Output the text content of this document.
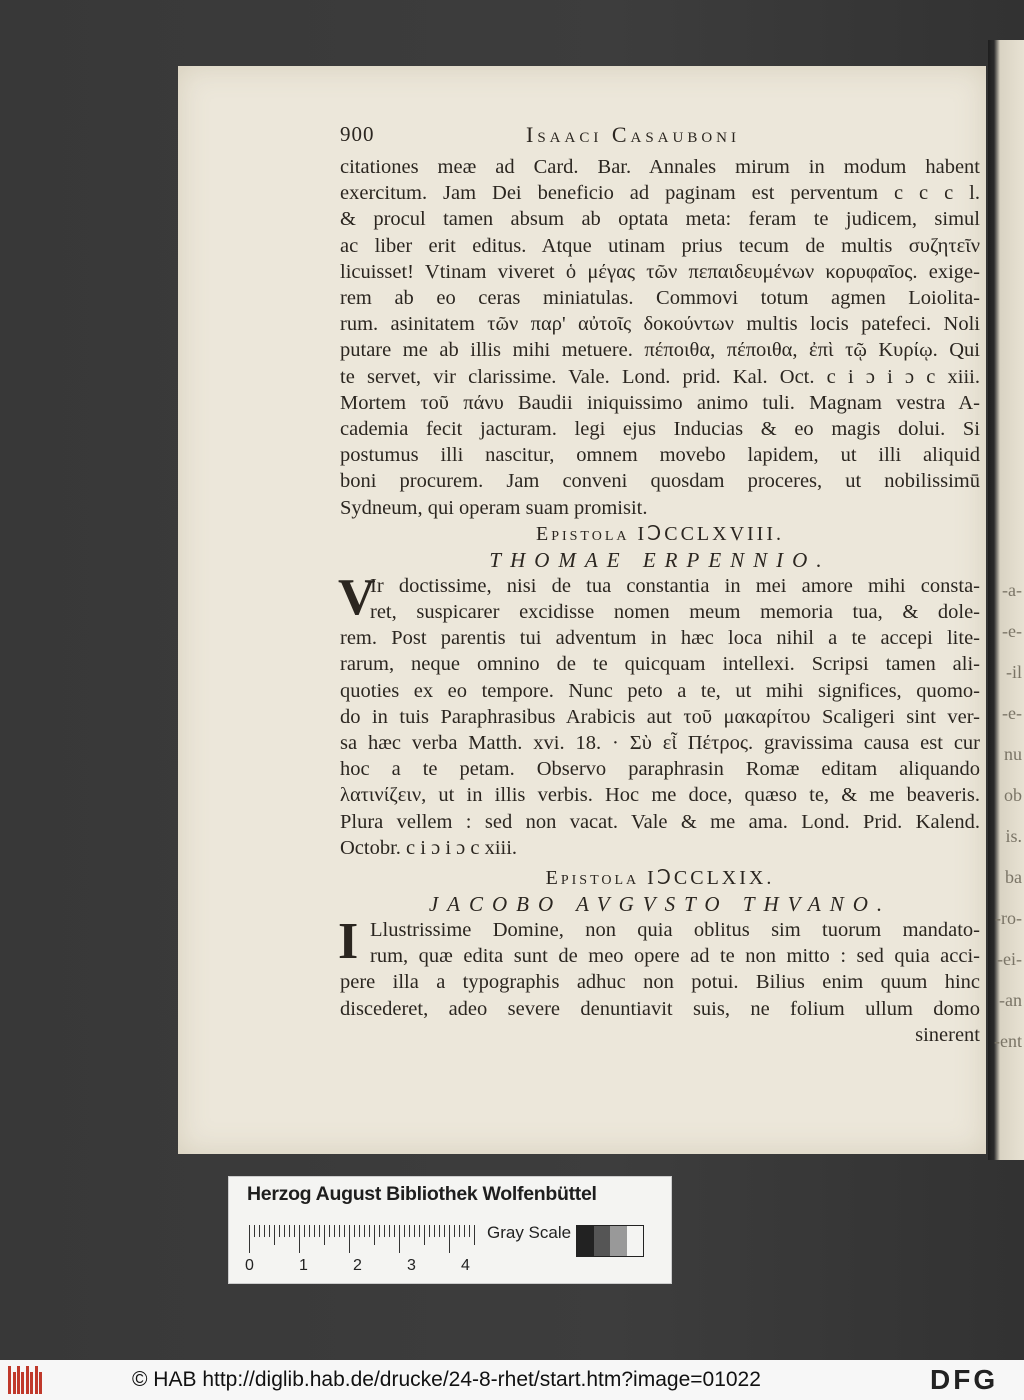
-a-
-e-
-il
-e-
nu
ob
is.
ba
-ro-
-ei-
-an
-ent
900	Isaaci Casauboni

citationes meæ ad Card. Bar. Annales mirum in modum habent

exercitum. Jam Dei beneficio ad paginam est perventum c c c l.

& procul tamen absum ab optata meta: feram te judicem, simul

ac liber erit editus. Atque utinam prius tecum de multis συζητεῖν

licuisset! Vtinam viveret ὁ μέγας τῶν πεπαιδευμένων κορυφαῖος. exige-

rem ab eo ceras miniatulas. Commovi totum agmen Loiolita-

rum. asinitatem τῶν παρ' αὐτοῖς δοκούντων multis locis patefeci. Noli

putare me ab illis mihi metuere. πέποιθα, πέποιθα, ἐπὶ τῷ Κυρίῳ. Qui

te servet, vir clarissime. Vale. Lond. prid. Kal. Oct. c i ɔ i ɔ c xiii.

Mortem τοῦ πάνυ Baudii iniquissimo animo tuli. Magnam vestra A-

cademia fecit jacturam. legi ejus Inducias & eo magis dolui. Si

postumus illi nascitur, omnem movebo lapidem, ut illi aliquid

boni procurem. Jam conveni quosdam proceres, ut nobilissimū

Sydneum, qui operam suam promisit.

Epistola IↃCCLXVIII.

THOMAE ERPENNIO.

V

Ir doctissime, nisi de tua constantia in mei amore mihi consta-

ret, suspicarer excidisse nomen meum memoria tua, & dole-

rem. Post parentis tui adventum in hæc loca nihil a te accepi lite-

rarum, neque omnino de te quicquam intellexi. Scripsi tamen ali-

quoties ex eo tempore. Nunc peto a te, ut mihi significes, quomo-

do in tuis Paraphrasibus Arabicis aut τοῦ μακαρίτου Scaligeri sint ver-

sa hæc verba Matth. xvi. 18. · Σὺ εἶ Πέτρος. gravissima causa est cur

hoc a te petam. Observo paraphrasin Romæ editam aliquando

λατινίζειν, ut in illis verbis. Hoc me doce, quæso te, & me beaveris.

Plura vellem : sed non vacat. Vale & me ama. Lond. Prid. Kalend.

Octobr. c i ɔ i ɔ c xiii.

Epistola IↃCCLXIX.

JACOBO AVGVSTO THVANO.

I Llustrissime Domine, non quia oblitus sim tuorum mandato-

rum, quæ edita sunt de meo opere ad te non mitto : sed quia acci-

pere illa a typographis adhuc non potui. Bilius enim quum hinc

discederet, adeo severe denuntiavit suis, ne folium ullum domo

sinerent

Herzog August Bibliothek Wolfenbüttel
0	1	2	3	4
Gray Scale
© HAB http://diglib.hab.de/drucke/24-8-rhet/start.htm?image=01022	DFG
